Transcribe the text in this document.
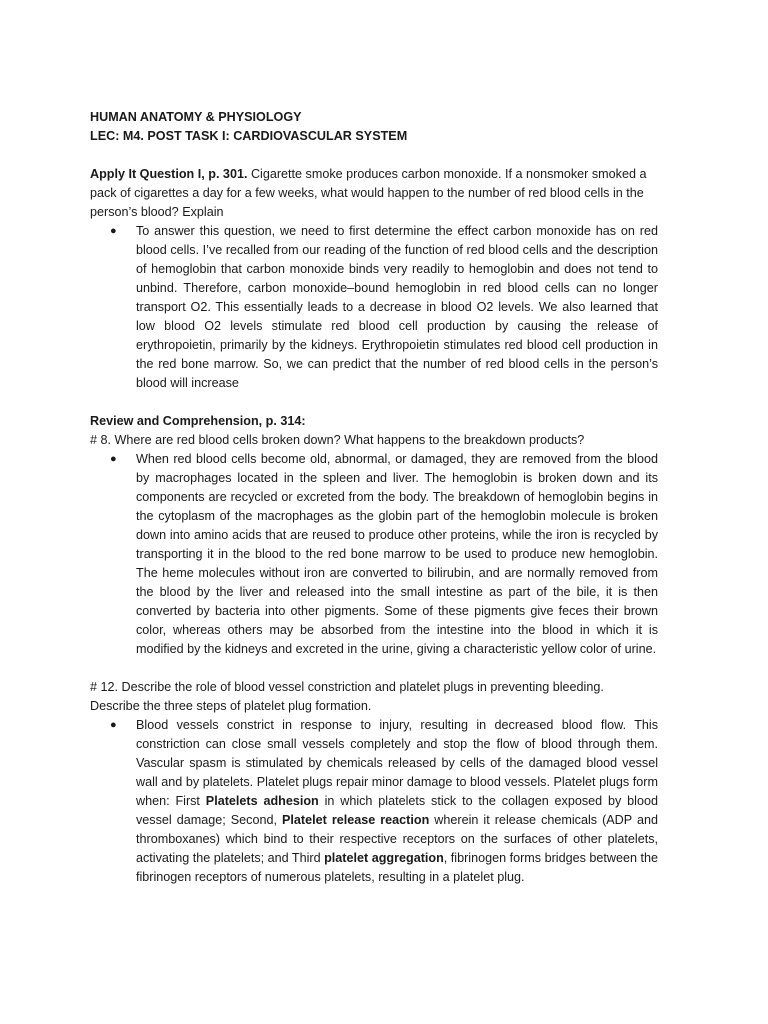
HUMAN ANATOMY & PHYSIOLOGY

LEC: M4. POST TASK I: CARDIOVASCULAR SYSTEM

Apply It Question I, p. 301. Cigarette smoke produces carbon monoxide. If a nonsmoker smoked a pack of cigarettes a day for a few weeks, what would happen to the number of red blood cells in the person’s blood? Explain

● To answer this question, we need to first determine the effect carbon monoxide has on red blood cells. I’ve recalled from our reading of the function of red blood cells and the description of hemoglobin that carbon monoxide binds very readily to hemoglobin and does not tend to unbind. Therefore, carbon monoxide–bound hemoglobin in red blood cells can no longer transport O2. This essentially leads to a decrease in blood O2 levels. We also learned that low blood O2 levels stimulate red blood cell production by causing the release of erythropoietin, primarily by the kidneys. Erythropoietin stimulates red blood cell production in the red bone marrow. So, we can predict that the number of red blood cells in the person’s blood will increase

Review and Comprehension, p. 314:

# 8. Where are red blood cells broken down? What happens to the breakdown products?

● When red blood cells become old, abnormal, or damaged, they are removed from the blood by macrophages located in the spleen and liver. The hemoglobin is broken down and its components are recycled or excreted from the body. The breakdown of hemoglobin begins in the cytoplasm of the macrophages as the globin part of the hemoglobin molecule is broken down into amino acids that are reused to produce other proteins, while the iron is recycled by transporting it in the blood to the red bone marrow to be used to produce new hemoglobin. The heme molecules without iron are converted to bilirubin, and are normally removed from the blood by the liver and released into the small intestine as part of the bile, it is then converted by bacteria into other pigments. Some of these pigments give feces their brown color, whereas others may be absorbed from the intestine into the blood in which it is modified by the kidneys and excreted in the urine, giving a characteristic yellow color of urine.

# 12. Describe the role of blood vessel constriction and platelet plugs in preventing bleeding.

Describe the three steps of platelet plug formation.

● Blood vessels constrict in response to injury, resulting in decreased blood flow. This constriction can close small vessels completely and stop the flow of blood through them. Vascular spasm is stimulated by chemicals released by cells of the damaged blood vessel wall and by platelets. Platelet plugs repair minor damage to blood vessels. Platelet plugs form when: First Platelets adhesion in which platelets stick to the collagen exposed by blood vessel damage; Second, Platelet release reaction wherein it release chemicals (ADP and thromboxanes) which bind to their respective receptors on the surfaces of other platelets, activating the platelets; and Third platelet aggregation, fibrinogen forms bridges between the fibrinogen receptors of numerous platelets, resulting in a platelet plug.
